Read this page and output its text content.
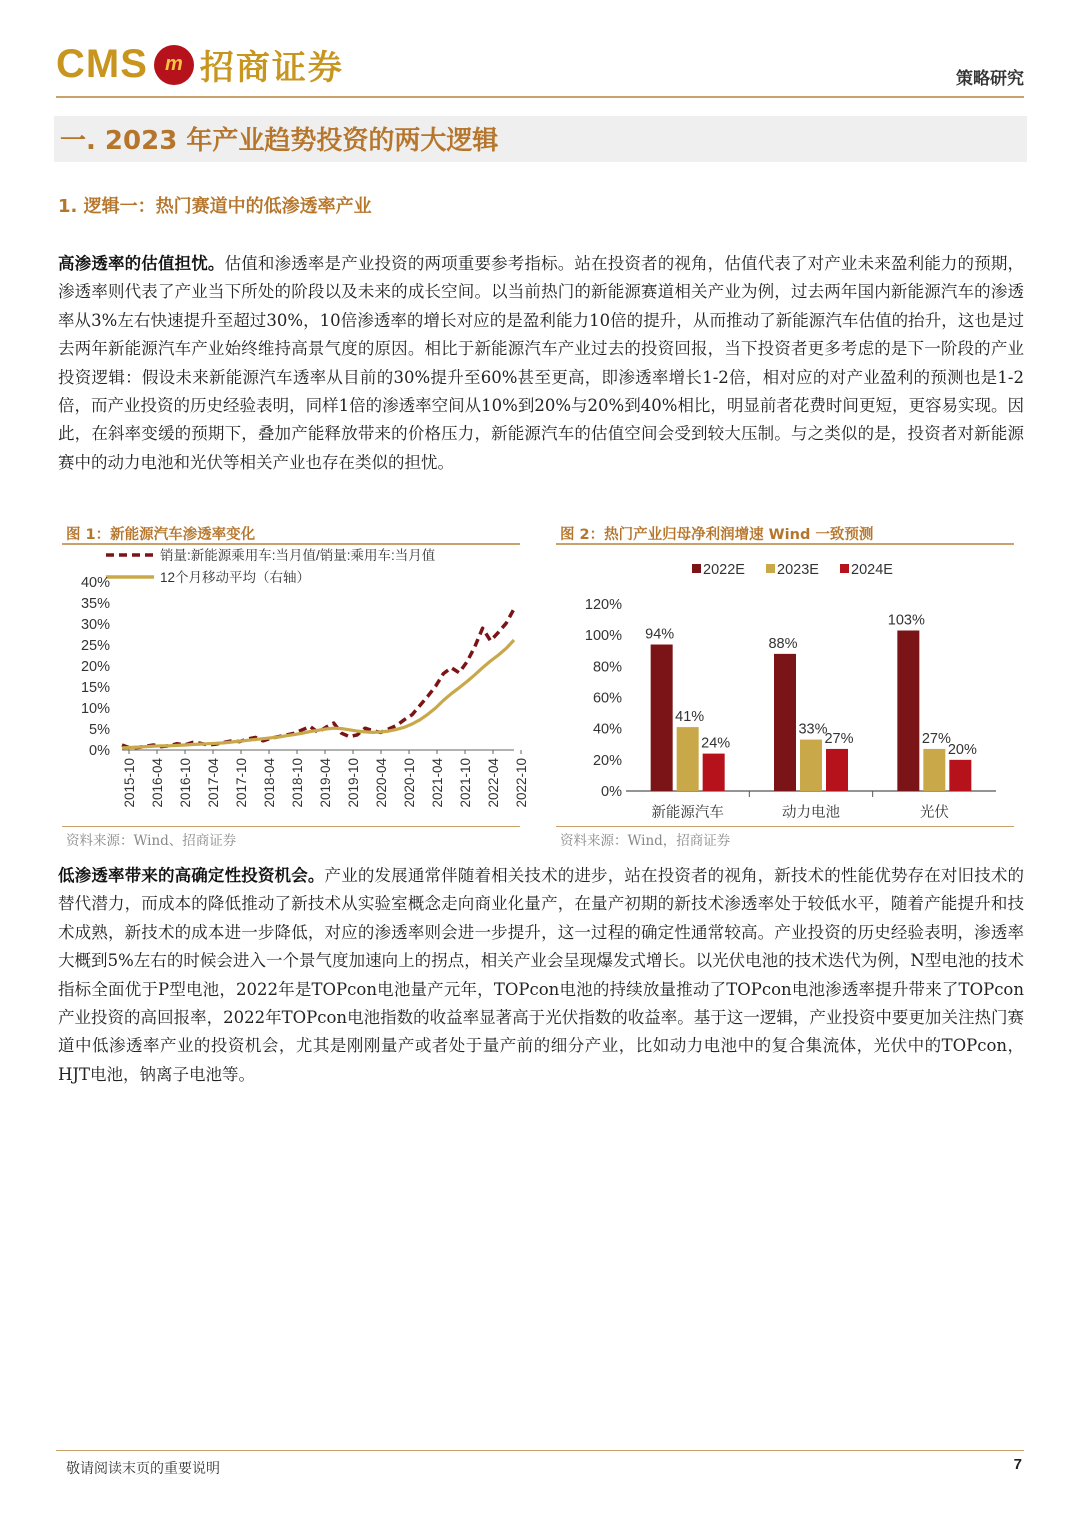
CMS m 招商证券	策略研究
一. 2023 年产业趋势投资的两大逻辑
1. 逻辑一：热门赛道中的低渗透率产业
高渗透率的估值担忧。估值和渗透率是产业投资的两项重要参考指标。站在投资者的视角，估值代表了对产业未来盈利能力的预期，渗透率则代表了产业当下所处的阶段以及未来的成长空间。以当前热门的新能源赛道相关产业为例，过去两年国内新能源汽车的渗透率从3%左右快速提升至超过30%，10倍渗透率的增长对应的是盈利能力10倍的提升，从而推动了新能源汽车估值的抬升，这也是过去两年新能源汽车产业始终维持高景气度的原因。相比于新能源汽车产业过去的投资回报，当下投资者更多考虑的是下一阶段的产业投资逻辑：假设未来新能源汽车透率从目前的30%提升至60%甚至更高，即渗透率增长1-2倍，相对应的对产业盈利的预测也是1-2倍，而产业投资的历史经验表明，同样1倍的渗透率空间从10%到20%与20%到40%相比，明显前者花费时间更短，更容易实现。因此，在斜率变缓的预期下，叠加产能释放带来的价格压力，新能源汽车的估值空间会受到较大压制。与之类似的是，投资者对新能源赛中的动力电池和光伏等相关产业也存在类似的担忧。
图 1：新能源汽车渗透率变化
销量:新能源乘用车:当月值/销量:乘用车:当月值
12个月移动平均（右轴）
0%
5%
10%
15%
20%
25%
30%
35%
40%
2015-10 2016-04 2016-10 2017-04 2017-10 2018-04 2018-10 2019-04 2019-10 2020-04 2020-10 2021-04 2021-10 2022-04 2022-10
资料来源：Wind、招商证券
图 2：热门产业归母净利润增速 Wind 一致预测
2022E 2023E 2024E
0%
20%
40%
60%
80%
100%
120%
新能源汽车	动力电池	光伏
94%
41%
24%
88%
33%
27%
103%
27%
20%
资料来源：Wind，招商证券
低渗透率带来的高确定性投资机会。产业的发展通常伴随着相关技术的进步，站在投资者的视角，新技术的性能优势存在对旧技术的替代潜力，而成本的降低推动了新技术从实验室概念走向商业化量产，在量产初期的新技术渗透率处于较低水平，随着产能提升和技术成熟，新技术的成本进一步降低，对应的渗透率则会进一步提升，这一过程的确定性通常较高。产业投资的历史经验表明，渗透率大概到5%左右的时候会进入一个景气度加速向上的拐点，相关产业会呈现爆发式增长。以光伏电池的技术迭代为例，N型电池的技术指标全面优于P型电池，2022年是TOPcon电池量产元年，TOPcon电池的持续放量推动了TOPcon电池渗透率提升带来了TOPcon产业投资的高回报率，2022年TOPcon电池指数的收益率显著高于光伏指数的收益率。基于这一逻辑，产业投资中要更加关注热门赛道中低渗透率产业的投资机会，尤其是刚刚量产或者处于量产前的细分产业，比如动力电池中的复合集流体，光伏中的TOPcon，HJT电池，钠离子电池等。
敬请阅读末页的重要说明	7
